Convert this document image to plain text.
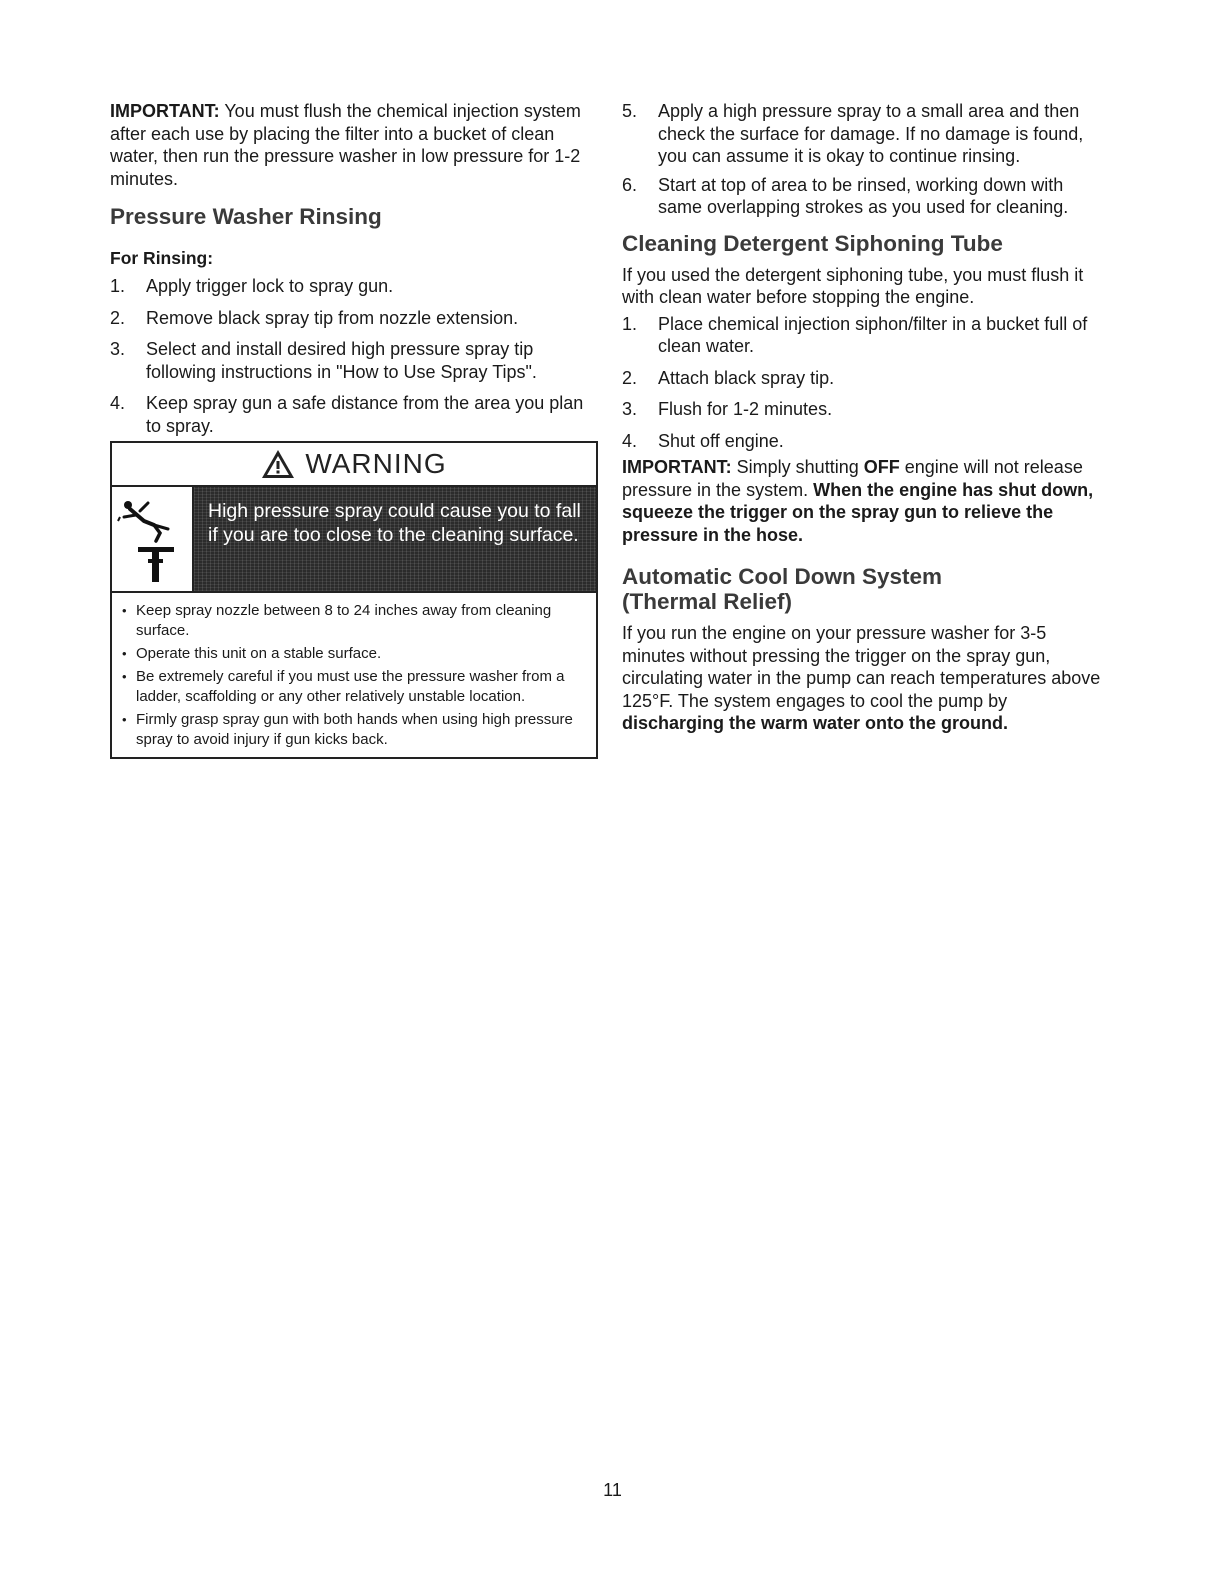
IMPORTANT: You must flush the chemical injection system after each use by placing the filter into a bucket of clean water, then run the pressure washer in low pressure for 1-2 minutes.

Pressure Washer Rinsing

For Rinsing:

1. Apply trigger lock to spray gun.
2. Remove black spray tip from nozzle extension.
3. Select and install desired high pressure spray tip following instructions in "How to Use Spray Tips".
4. Keep spray gun a safe distance from the area you plan to spray.
WARNING

High pressure spray could cause you to fall

if you are too close to the cleaning surface.

• Keep spray nozzle between 8 to 24 inches away from cleaning surface.
• Operate this unit on a stable surface.
• Be extremely careful if you must use the pressure washer from a ladder, scaffolding or any other relatively unstable location.
• Firmly grasp spray gun with both hands when using high pressure spray to avoid injury if gun kicks back.
5. Apply a high pressure spray to a small area and then check the surface for damage. If no damage is found, you can assume it is okay to continue rinsing.
6. Start at top of area to be rinsed, working down with same overlapping strokes as you used for cleaning.
Cleaning Detergent Siphoning Tube

If you used the detergent siphoning tube, you must flush it with clean water before stopping the engine.

1. Place chemical injection siphon/filter in a bucket full of clean water.
2. Attach black spray tip.
3. Flush for 1-2 minutes.
4. Shut off engine.

IMPORTANT: Simply shutting OFF engine will not release pressure in the system. When the engine has shut down, squeeze the trigger on the spray gun to relieve the pressure in the hose.

Automatic Cool Down System
(Thermal Relief)

If you run the engine on your pressure washer for 3-5 minutes without pressing the trigger on the spray gun, circulating water in the pump can reach temperatures above 125°F. The system engages to cool the pump by discharging the warm water onto the ground.

11
